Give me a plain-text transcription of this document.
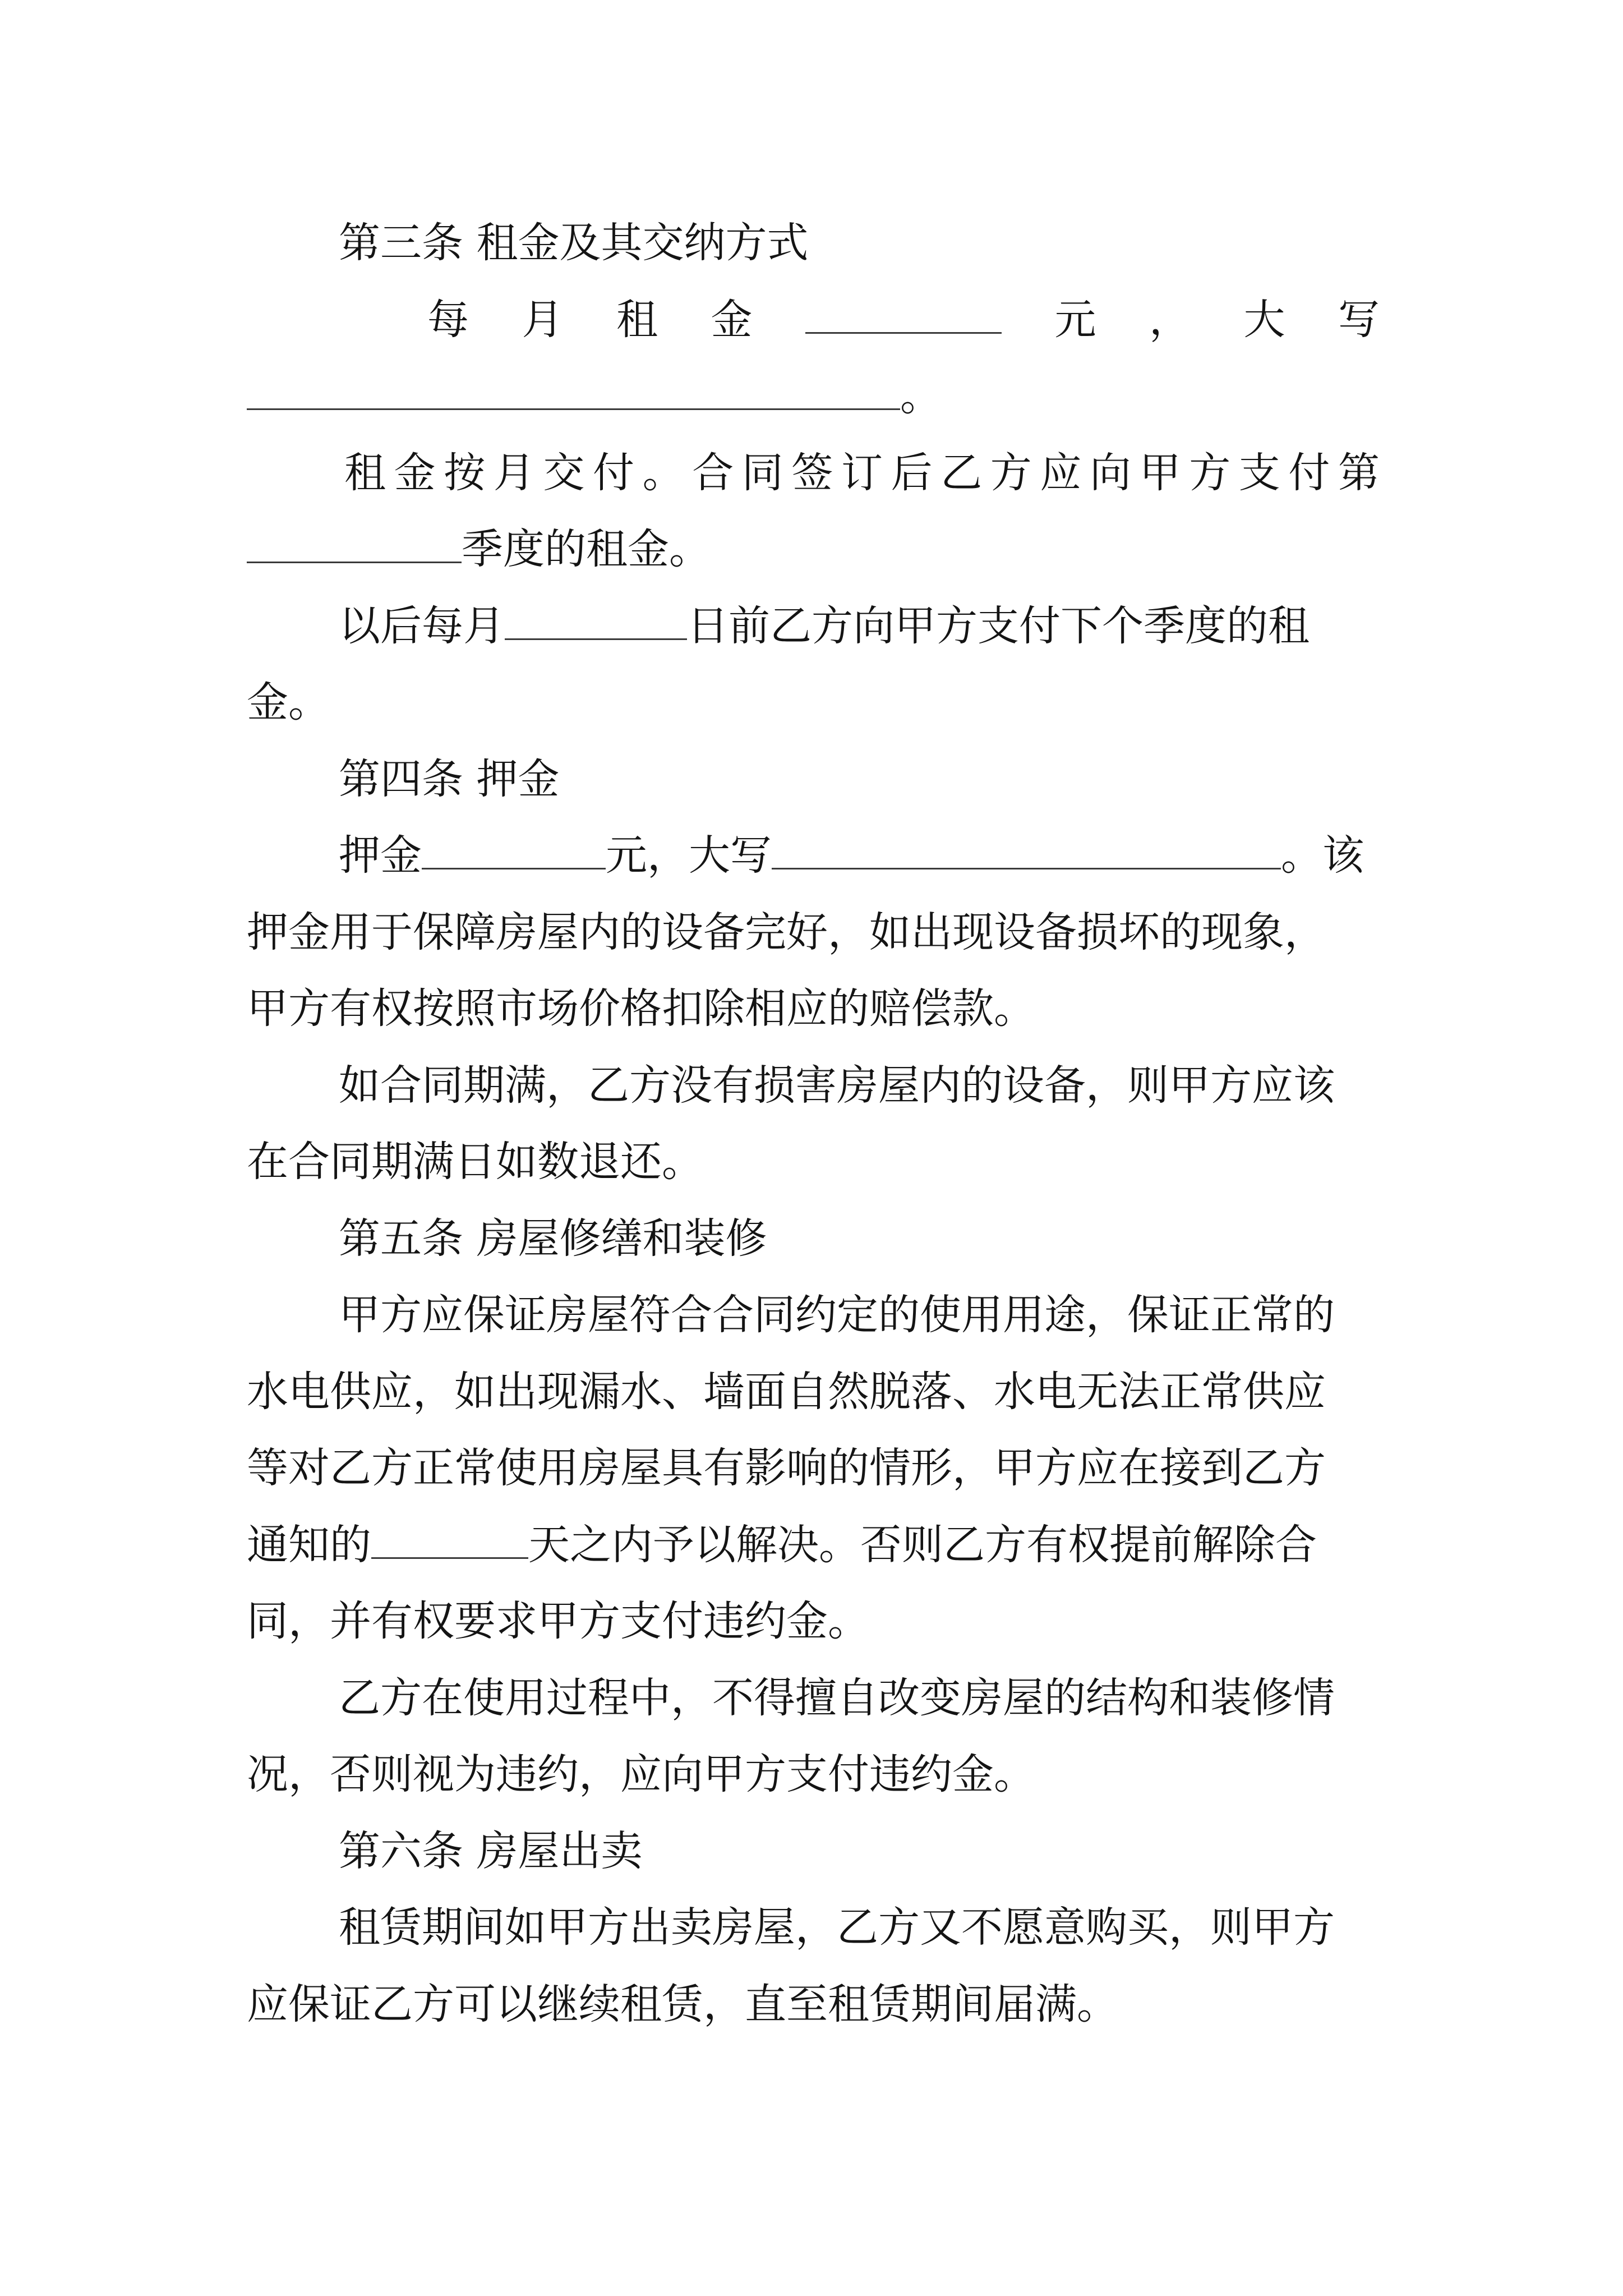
第三条 租金及其交纳方式
每 月 租 金	元 ， 大 写
。
租金按月交付。合同签订后乙方应向甲方支付第
季度的租金。
以后每月	日前乙方向甲方支付下个季度的租
金。
第四条 押金
押金	元，大写	。该
押金用于保障房屋内的设备完好，如出现设备损坏的现象，
甲方有权按照市场价格扣除相应的赔偿款。
如合同期满，乙方没有损害房屋内的设备，则甲方应该
在合同期满日如数退还。
第五条 房屋修缮和装修
甲方应保证房屋符合合同约定的使用用途，保证正常的
水电供应，如出现漏水、墙面自然脱落、水电无法正常供应
等对乙方正常使用房屋具有影响的情形，甲方应在接到乙方
通知的	天之内予以解决。否则乙方有权提前解除合
同，并有权要求甲方支付违约金。
乙方在使用过程中，不得擅自改变房屋的结构和装修情
况，否则视为违约，应向甲方支付违约金。
第六条 房屋出卖
租赁期间如甲方出卖房屋，乙方又不愿意购买，则甲方
应保证乙方可以继续租赁，直至租赁期间届满。
